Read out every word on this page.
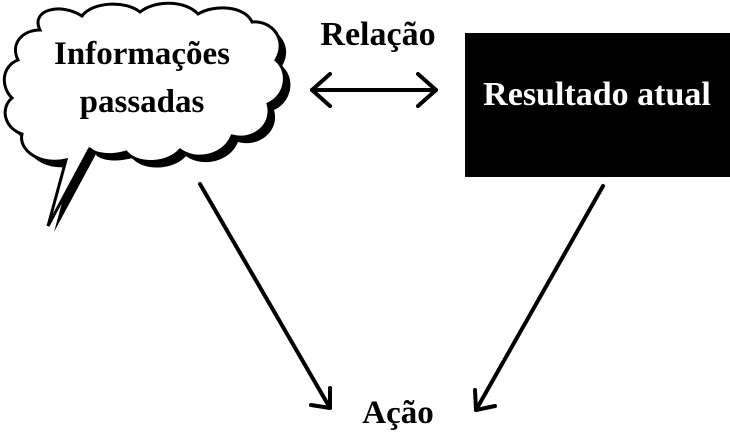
Informações
passadas
Relação
Resultado atual
Ação
